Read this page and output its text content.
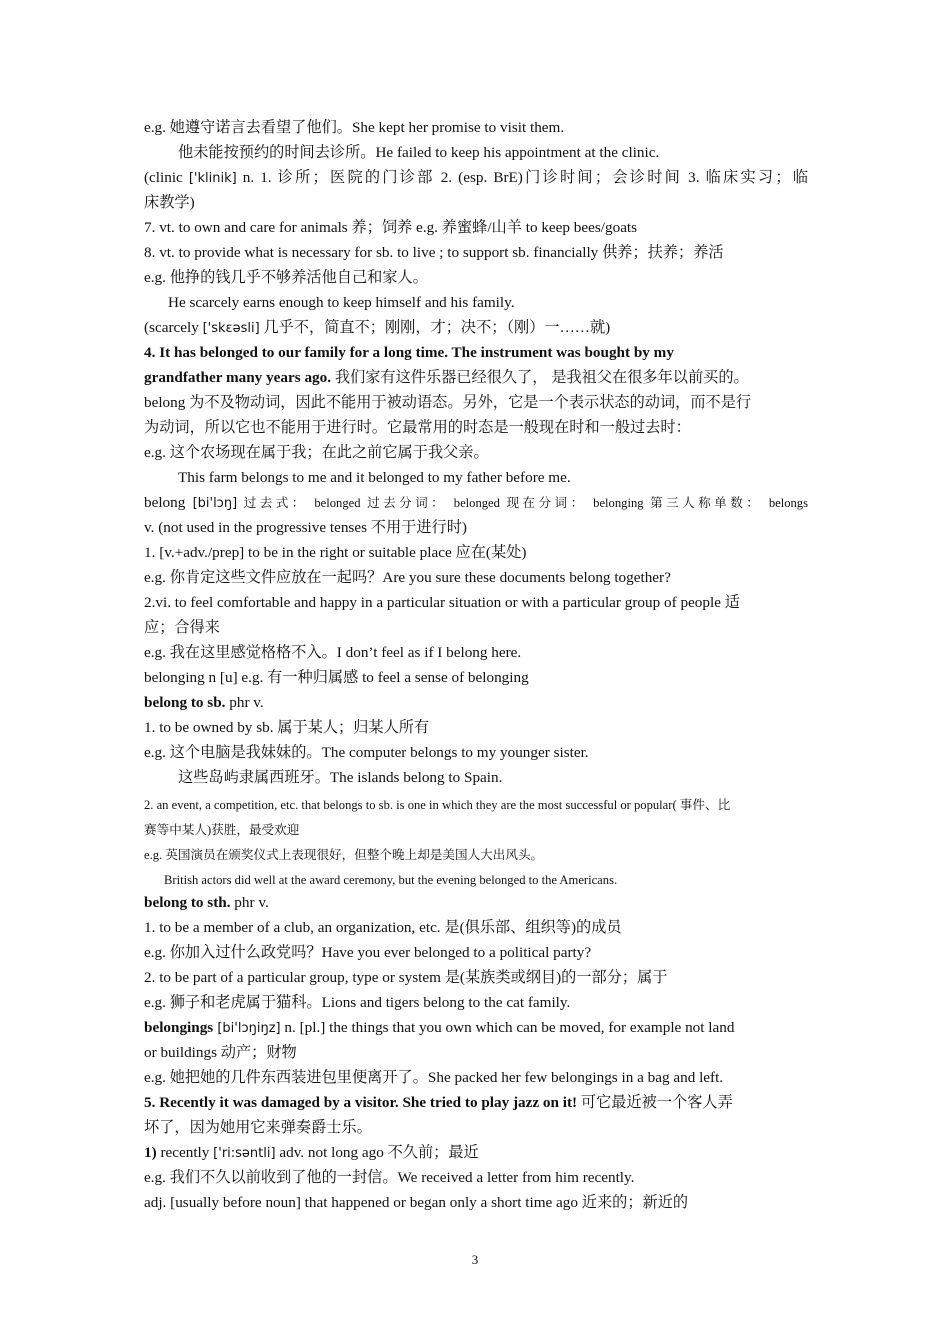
e.g. 她遵守诺言去看望了他们。She kept her promise to visit them.
他未能按预约的时间去诊所。He failed to keep his appointment at the clinic.
(clinic ['klinik] n. 1. 诊所；医院的门诊部 2. (esp. BrE)门诊时间；会诊时间 3. 临床实习；临
床教学)
7. vt. to own and care for animals 养；饲养 e.g. 养蜜蜂/山羊 to keep bees/goats
8. vt. to provide what is necessary for sb. to live ; to support sb. financially 供养；扶养；养活
e.g. 他挣的钱几乎不够养活他自己和家人。
He scarcely earns enough to keep himself and his family.
(scarcely ['skɛəsli] 几乎不，简直不；刚刚，才；决不；（刚）一……就)
4. It has belonged to our family for a long time. The instrument was bought by my
grandfather many years ago. 我们家有这件乐器已经很久了， 是我祖父在很多年以前买的。
belong 为不及物动词，因此不能用于被动语态。另外，它是一个表示状态的动词，而不是行
为动词，所以它也不能用于进行时。它最常用的时态是一般现在时和一般过去时：
e.g. 这个农场现在属于我；在此之前它属于我父亲。
This farm belongs to me and it belonged to my father before me.
belong [bi'lɔŋ] 过去式： belonged 过去分词： belonged 现在分词： belonging 第三人称单数： belongs
v. (not used in the progressive tenses 不用于进行时)
1. [v.+adv./prep] to be in the right or suitable place 应在(某处)
e.g. 你肯定这些文件应放在一起吗？Are you sure these documents belong together?
2.vi. to feel comfortable and happy in a particular situation or with a particular group of people 适
应；合得来
e.g. 我在这里感觉格格不入。I don’t feel as if I belong here.
belonging n [u] e.g. 有一种归属感 to feel a sense of belonging
belong to sb. phr v.
1. to be owned by sb. 属于某人；归某人所有
e.g. 这个电脑是我妹妹的。The computer belongs to my younger sister.
这些岛屿隶属西班牙。The islands belong to Spain.
2. an event, a competition, etc. that belongs to sb. is one in which they are the most successful or popular( 事件、比
赛等中某人)获胜，最受欢迎
e.g. 英国演员在颁奖仪式上表现很好，但整个晚上却是美国人大出风头。
British actors did well at the award ceremony, but the evening belonged to the Americans.
belong to sth. phr v.
1. to be a member of a club, an organization, etc. 是(俱乐部、组织等)的成员
e.g. 你加入过什么政党吗？Have you ever belonged to a political party?
2. to be part of a particular group, type or system 是(某族类或纲目)的一部分；属于
e.g. 狮子和老虎属于猫科。Lions and tigers belong to the cat family.
belongings [bi'lɔŋiŋz] n. [pl.] the things that you own which can be moved, for example not land
or buildings 动产；财物
e.g. 她把她的几件东西装进包里便离开了。She packed her few belongings in a bag and left.
5. Recently it was damaged by a visitor. She tried to play jazz on it! 可它最近被一个客人弄
坏了，因为她用它来弹奏爵士乐。
1) recently ['ri:səntli] adv. not long ago 不久前；最近
e.g. 我们不久以前收到了他的一封信。We received a letter from him recently.
adj. [usually before noun] that happened or began only a short time ago 近来的；新近的
3
